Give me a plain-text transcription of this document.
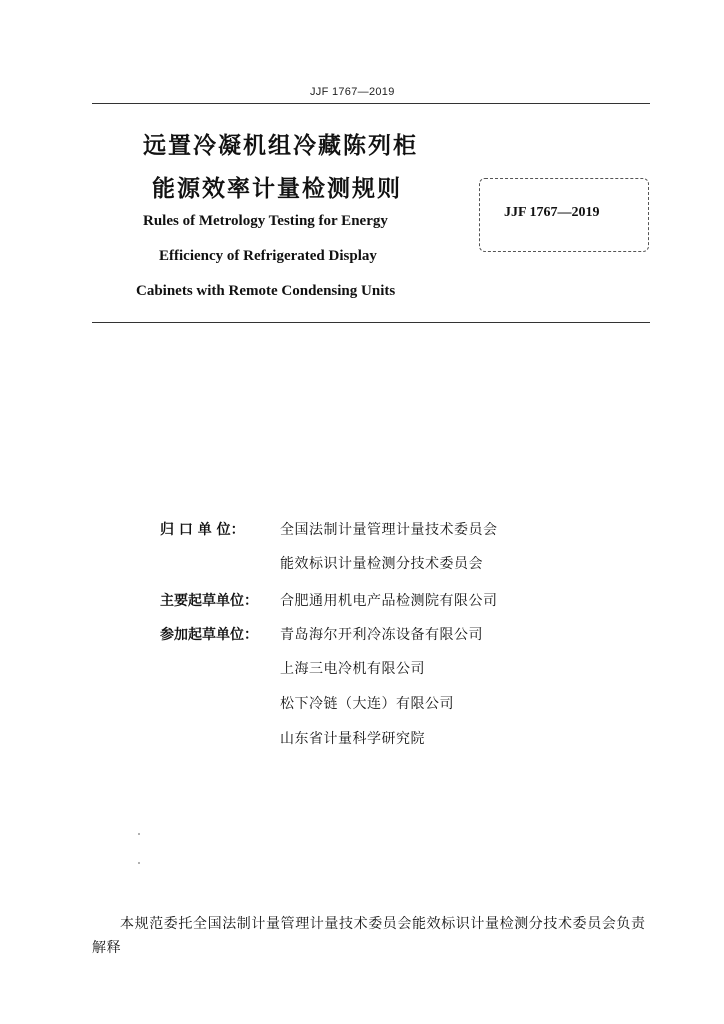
JJF 1767—2019
远置冷凝机组冷藏陈列柜
能源效率计量检测规则
Rules of Metrology Testing for Energy
Efficiency of Refrigerated Display
Cabinets with Remote Condensing Units
JJF 1767—2019
归 口 单 位：	全国法制计量管理计量技术委员会
能效标识计量检测分技术委员会
主要起草单位：	合肥通用机电产品检测院有限公司
参加起草单位：	青岛海尔开利冷冻设备有限公司
上海三电冷机有限公司
松下冷链（大连）有限公司
山东省计量科学研究院
本规范委托全国法制计量管理计量技术委员会能效标识计量检测分技术委员会负责解释
